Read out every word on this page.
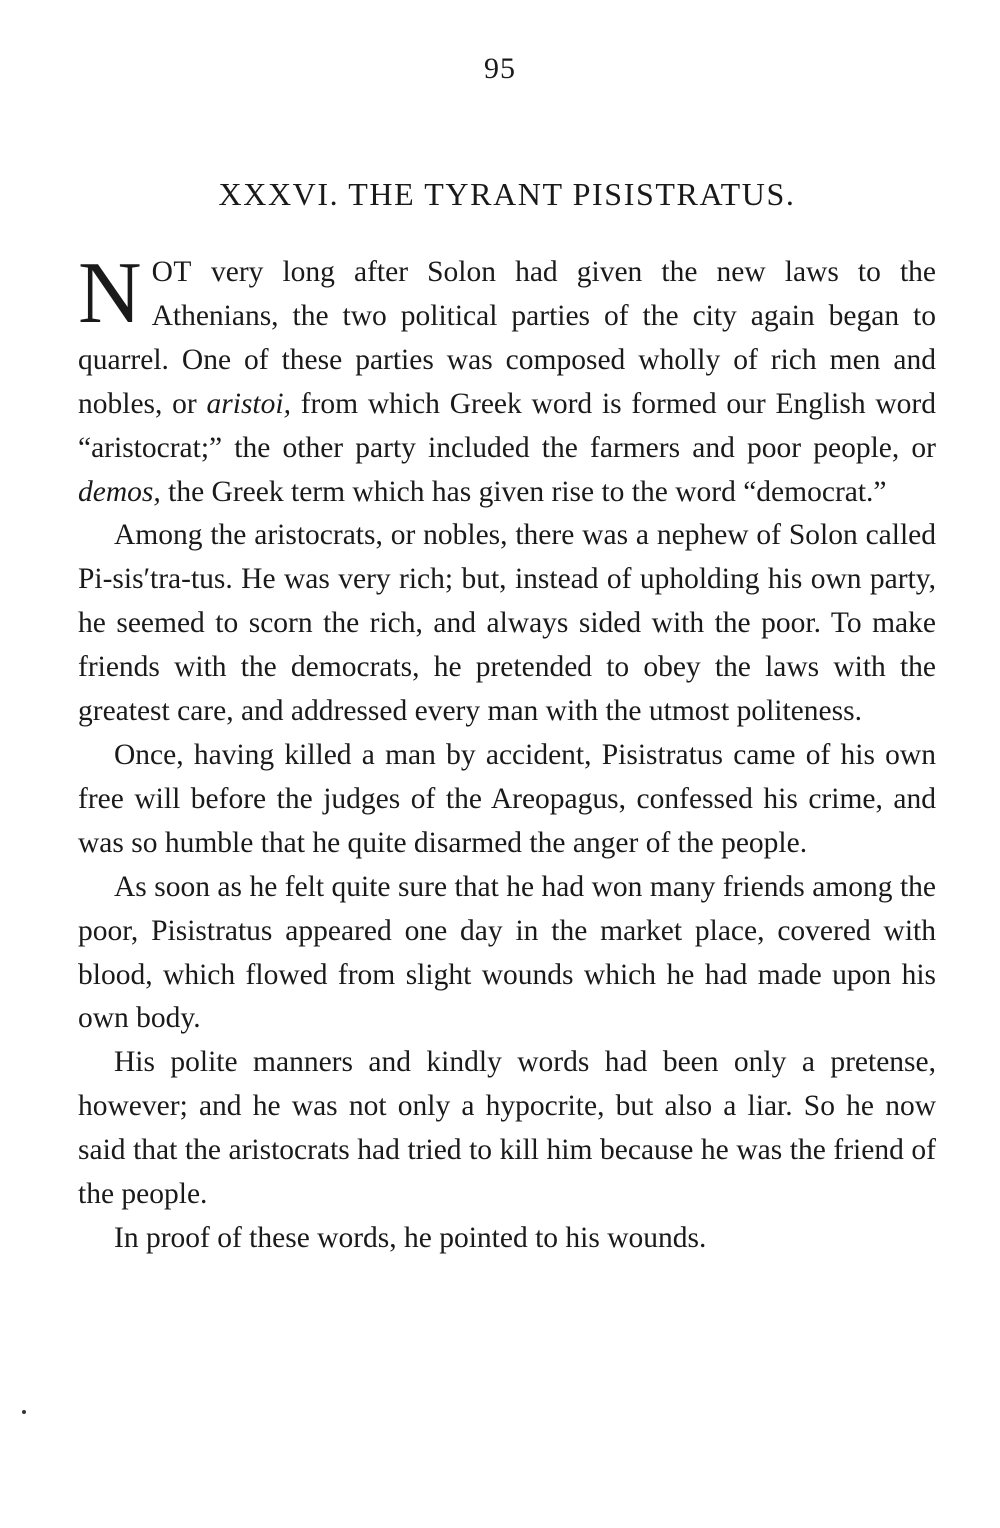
95
XXXVI. THE TYRANT PISISTRATUS.

NOT very long after Solon had given the new laws to the Athenians, the two political parties of the city again began to quarrel. One of these parties was composed wholly of rich men and nobles, or aristoi, from which Greek word is formed our English word “aristocrat;” the other party included the farmers and poor people, or demos, the Greek term which has given rise to the word “democrat.”

Among the aristocrats, or nobles, there was a nephew of Solon called Pi-sis′tra-tus. He was very rich; but, instead of upholding his own party, he seemed to scorn the rich, and always sided with the poor. To make friends with the democrats, he pretended to obey the laws with the greatest care, and addressed every man with the utmost politeness.

Once, having killed a man by accident, Pisistratus came of his own free will before the judges of the Areopagus, confessed his crime, and was so humble that he quite disarmed the anger of the people.

As soon as he felt quite sure that he had won many friends among the poor, Pisistratus appeared one day in the market place, covered with blood, which flowed from slight wounds which he had made upon his own body.

His polite manners and kindly words had been only a pretense, however; and he was not only a hypocrite, but also a liar. So he now said that the aristocrats had tried to kill him because he was the friend of the people.

In proof of these words, he pointed to his wounds.
